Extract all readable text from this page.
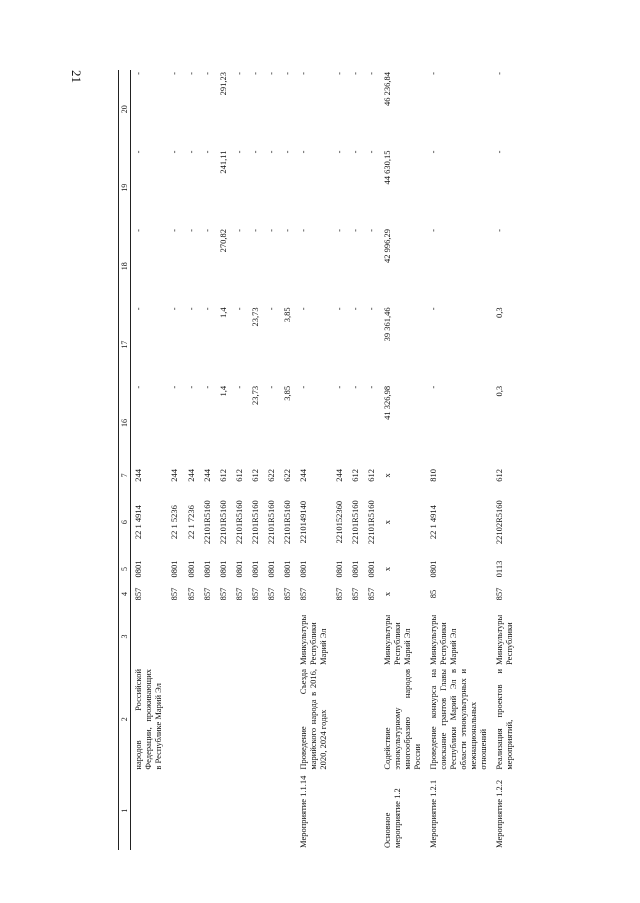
21
1	2	3	4	5	6	7	16	17	18	19	20
	народов Российской Федерации, проживающих в Республике Марий Эл		857	0801	22 1 4914	244	-	-	-	-	-
			857	0801	22 1 5236	244	-	-	-	-	-
			857	0801	22 1 7236	244	-	-	-	-	-
			857	0801	22101R5160	244	-	-	-	-	-
			857	0801	22101R5160	612	1,4	1,4	270,82	241,11	291,23
			857	0801	22101R5160	612	-	-	-	-	-
			857	0801	22101R5160	612	23,73	23,73	-	-	-
			857	0801	22101R5160	622	-	-	-	-	-
			857	0801	22101R5160	622	3,85	3,85	-	-	-
Мероприятие 1.1.14	Проведение Съезда марийского народа в 2016, 2020, 2024 годах	Минкультуры Республики Марий Эл	857	0801	2210149140	244	-	-	-	-	-
			857	0801	2210152360	244	-	-	-	-	-
			857	0801	22101R5160	612	-	-	-	-	-
			857	0801	22101R5160	612	-	-	-	-	-
Основное мероприятие 1.2	Содействие этнокультурному многообразию народов России	Минкультуры Республики Марий Эл	x	x	x	x	41 326,98	39 361,46	42 996,29	44 630,15	46 236,84
Мероприятие 1.2.1	Проведение конкурса на соискание грантов Главы Республики Марий Эл в области этнокультурных и межнациональных отношений	Минкультуры Республики Марий Эл	85	0801	22 1 4914	810	-	-	-	-	-
Мероприятие 1.2.2	Реализация проектов и мероприятий,	Минкультуры Республики	857	0113	22102R5160	612	0,3	0,3	-	-	-
